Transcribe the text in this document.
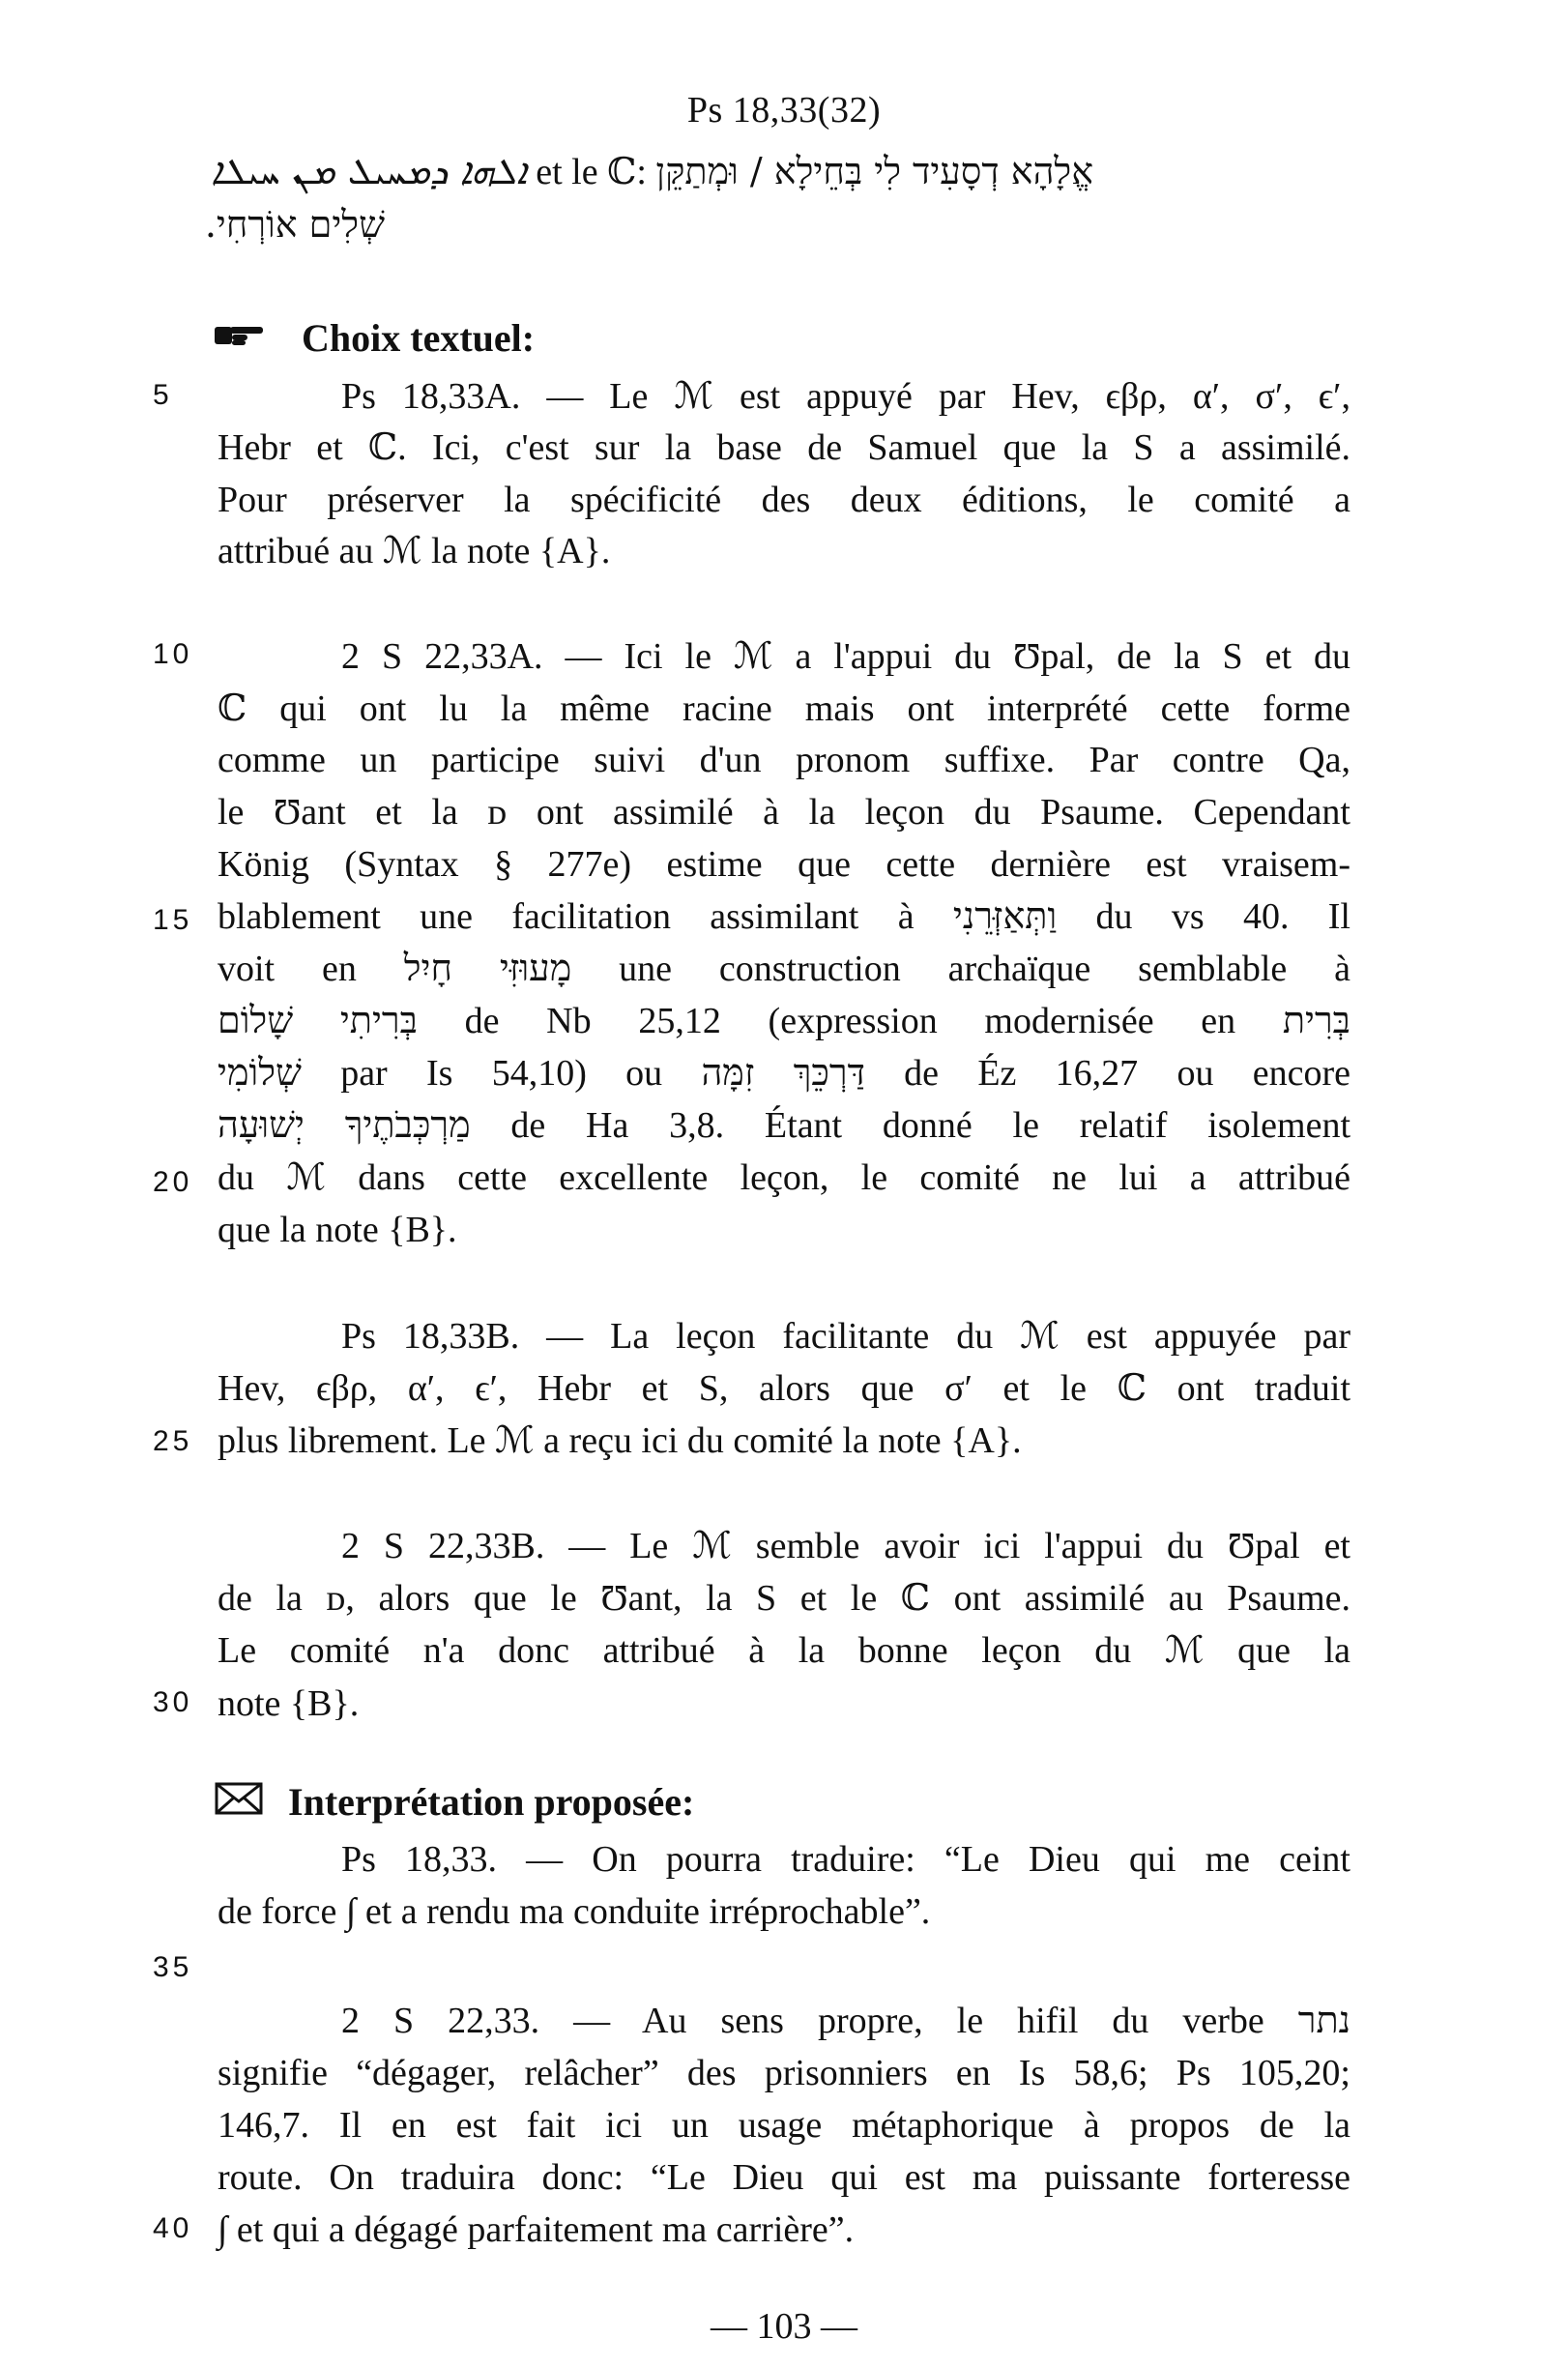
Ps 18,33(32)
ܐܠܗܐ ܕܡܚܝܠ ܡܢ ܚܝܠܐ et le ℂ: אֱלָהָא דְסָעִיד לִי בְּחֵילָא / וּמְתַקֵּן
שְׁלִים אוֹרְחִי.
Choix textuel:
Interprétation proposée:
5
10
15
20
25
30
35
40
Ps 18,33A. — Le ℳ est appuyé par Hev, ϵβρ, α′, σ′, ϵ′,
Hebr et ℂ. Ici, c'est sur la base de Samuel que la S a assimilé.
Pour préserver la spécificité des deux éditions, le comité a
attribué au ℳ la note {A}.
2 S 22,33A. — Ici le ℳ a l'appui du Ʊpal, de la S et du
ℂ qui ont lu la même racine mais ont interprété cette forme
comme un participe suivi d'un pronom suffixe. Par contre Qa,
le Ʊant et la ᴅ ont assimilé à la leçon du Psaume. Cependant
König (Syntax § 277e) estime que cette dernière est vraisem-
blablement une facilitation assimilant à וַתְּאַזְּרֵנִי du vs 40. Il
voit en מָעוּזִּי חָיִל une construction archaïque semblable à
בְּרִיתִי שָׁלוֹם de Nb 25,12 (expression modernisée en בְּרִית
שְׁלוֹמִי par Is 54,10) ou דַּרְכֵּךְ זִמָּה de Éz 16,27 ou encore
מַרְכְּבֹתֶיךָ יְשׁוּעָה de Ha 3,8. Étant donné le relatif isolement
du ℳ dans cette excellente leçon, le comité ne lui a attribué
que la note {B}.
Ps 18,33B. — La leçon facilitante du ℳ est appuyée par
Hev, ϵβρ, α′, ϵ′, Hebr et S, alors que σ′ et le ℂ ont traduit
plus librement. Le ℳ a reçu ici du comité la note {A}.
2 S 22,33B. — Le ℳ semble avoir ici l'appui du Ʊpal et
de la ᴅ, alors que le Ʊant, la S et le ℂ ont assimilé au Psaume.
Le comité n'a donc attribué à la bonne leçon du ℳ que la
note {B}.
Ps 18,33. — On pourra traduire: “Le Dieu qui me ceint
de force ∫ et a rendu ma conduite irréprochable”.
2 S 22,33. — Au sens propre, le hifil du verbe נתר
signifie “dégager, relâcher” des prisonniers en Is 58,6; Ps 105,20;
146,7. Il en est fait ici un usage métaphorique à propos de la
route. On traduira donc: “Le Dieu qui est ma puissante forteresse
∫ et qui a dégagé parfaitement ma carrière”.
— 103 —
